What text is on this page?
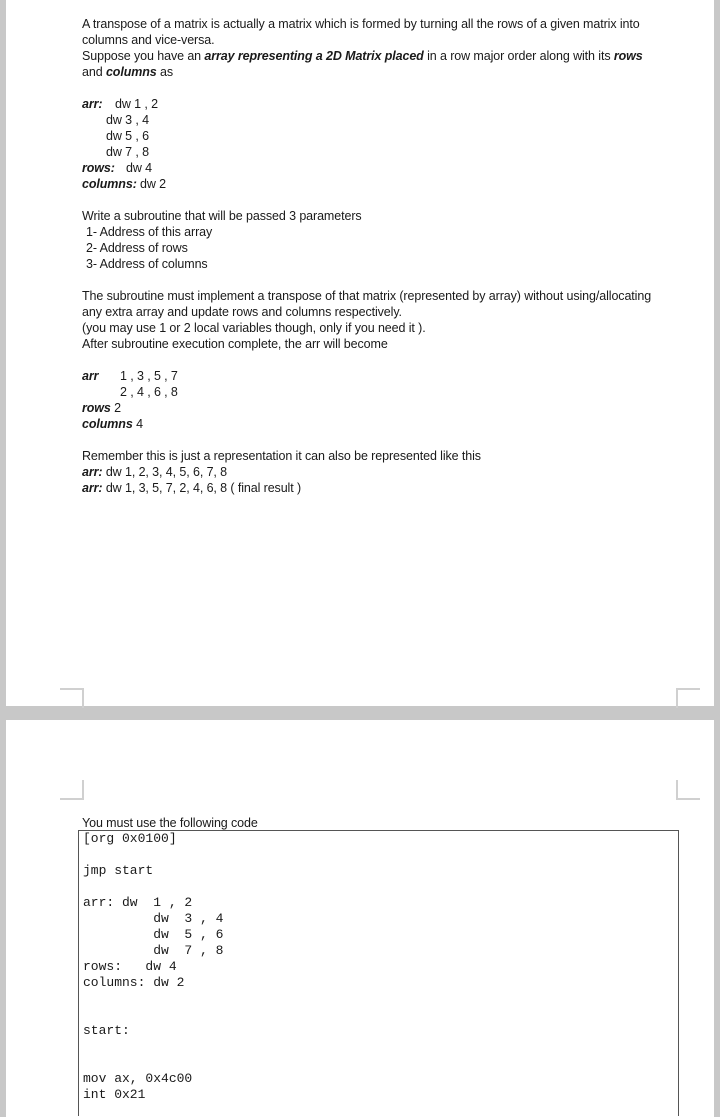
A transpose of a matrix is actually a matrix which is formed by turning all the rows of a given matrix into
columns and vice-versa.
Suppose you have an array representing a 2D Matrix placed in a row major order along with its rows
and columns as
arr: dw 1 , 2
dw 3 , 4
dw 5 , 6
dw 7 , 8
rows: dw 4
columns: dw 2
Write a subroutine that will be passed 3 parameters
1- Address of this array
2- Address of rows
3- Address of columns
The subroutine must implement a transpose of that matrix (represented by array) without using/allocating
any extra array and update rows and columns respectively.
(you may use 1 or 2 local variables though, only if you need it ).
After subroutine execution complete, the arr will become
arr 1 , 3 , 5 , 7
2 , 4 , 6 , 8
rows 2
columns 4
Remember this is just a representation it can also be represented like this
arr: dw 1, 2, 3, 4, 5, 6, 7, 8
arr: dw 1, 3, 5, 7, 2, 4, 6, 8 ( final result )
You must use the following code
[org 0x0100]
jmp start
arr: dw  1 , 2
dw  3 , 4
dw  5 , 6
dw  7 , 8
rows:   dw 4
columns: dw 2
start:
mov ax, 0x4c00
int 0x21
